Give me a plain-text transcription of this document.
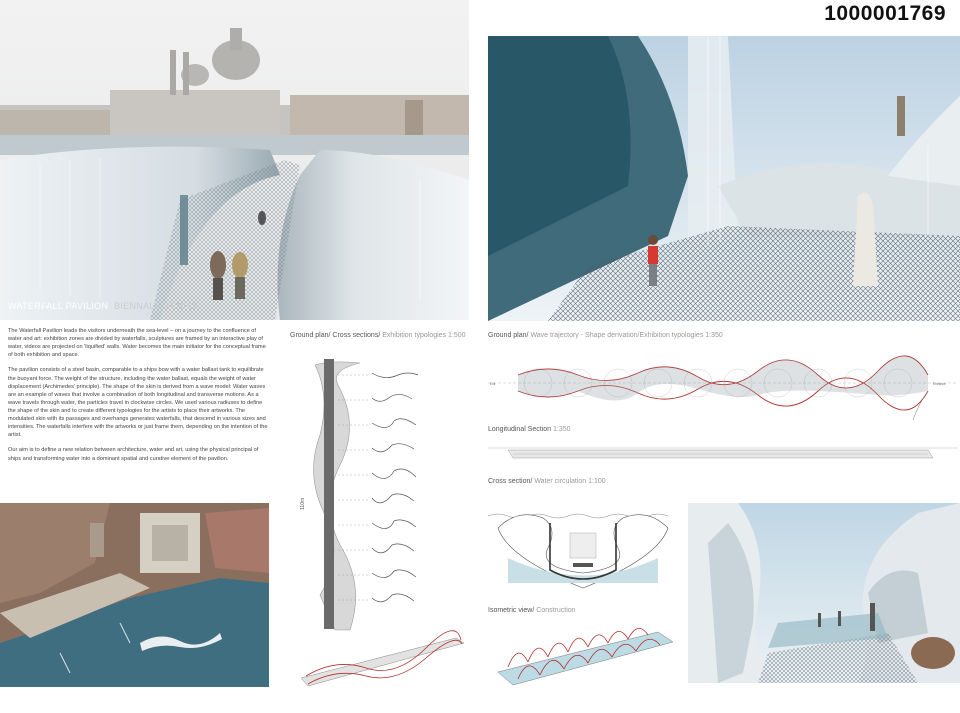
1000001769
WATERFALL PAVILION BIENNALE VENICE

The Waterfall Pavilion leads the visitors underneath the sea-level – on a journey to the confluence of water and art: exhibition zones are divided by waterfalls, sculptures are framed by an interactive play of water, videos are projected on 'liquified' walls. Water becomes the main initiator for the conceptual frame of both exhibition and space.

The pavilion consists of a steel basin, comparable to a ships bow with a water ballast tank to equilibrate the buoyant force. The weight of the structure, including the water ballast, equals the weight of water displacement (Archimedes' principle). The shape of the skin is derived from a wave model: Water waves are an example of waves that involve a combination of both longitudinal and transverse motions. As a wave travels through water, the particles travel in clockwise circles. We used various radiuses to define the shape of the skin and to create different typologies for the artists to place their artworks. The modulated skin with its passages and overhangs generates waterfalls, that descend in various sizes and intensities. The waterfalls interfere with the artworks or just frame them, depending on the intention of the artist.

Our aim is to define a new relation between architecture, water and art, using the physical principal of ships and transforming water into a dominant spatial and curative element of the pavilion.

Ground plan/ Cross sections/ Exhibition typologies 1:500
110m
Ground plan/ Wave trajectory - Shape derivation/Exhibition typologies 1:350
Exit	Entrance
Longitudinal Section 1:350
Cross section/ Water circulation 1:100
Isometric view/ Construction
